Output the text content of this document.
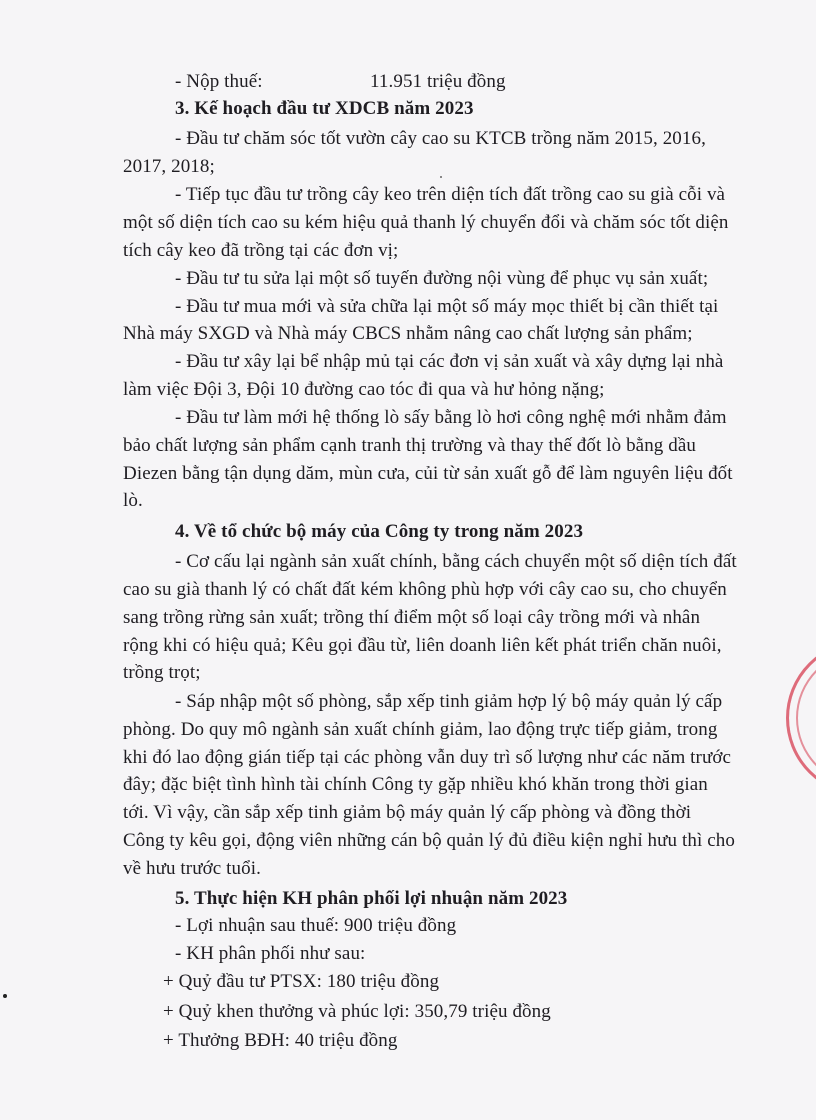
- Nộp thuế:	11.951 triệu đồng
3. Kế hoạch đầu tư XDCB năm 2023
- Đầu tư chăm sóc tốt vườn cây cao su KTCB trồng năm 2015, 2016,
2017, 2018;
- Tiếp tục đầu tư trồng cây keo trên diện tích đất trồng cao su già cỗi và
một số diện tích cao su kém hiệu quả thanh lý chuyển đổi và chăm sóc tốt diện
tích cây keo đã trồng tại các đơn vị;
- Đầu tư tu sửa lại một số tuyến đường nội vùng để phục vụ sản xuất;
- Đầu tư mua mới và sửa chữa lại một số máy mọc thiết bị cần thiết tại
Nhà máy SXGD và Nhà máy CBCS nhằm nâng cao chất lượng sản phẩm;
- Đầu tư xây lại bể nhập mủ tại các đơn vị sản xuất và xây dựng lại nhà
làm việc Đội 3, Đội 10 đường cao tóc đi qua và hư hỏng nặng;
- Đầu tư làm mới hệ thống lò sấy bằng lò hơi công nghệ mới nhằm đảm
bảo chất lượng sản phẩm cạnh tranh thị trường và thay thế đốt lò bằng dầu
Diezen bằng tận dụng dăm, mùn cưa, củi từ sản xuất gỗ để làm nguyên liệu đốt
lò.
4. Về tổ chức bộ máy của Công ty trong năm 2023
- Cơ cấu lại ngành sản xuất chính, bằng cách chuyển một số diện tích đất
cao su già thanh lý có chất đất kém không phù hợp với cây cao su, cho chuyển
sang trồng rừng sản xuất; trồng thí điểm một số loại cây trồng mới và nhân
rộng khi có hiệu quả; Kêu gọi đầu từ, liên doanh liên kết phát triển chăn nuôi,
trồng trọt;
- Sáp nhập một số phòng, sắp xếp tinh giảm hợp lý bộ máy quản lý cấp
phòng. Do quy mô ngành sản xuất chính giảm, lao động trực tiếp giảm, trong
khi đó lao động gián tiếp tại các phòng vẫn duy trì số lượng như các năm trước
đây; đặc biệt tình hình tài chính Công ty gặp nhiều khó khăn trong thời gian
tới. Vì vậy, cần sắp xếp tinh giảm bộ máy quản lý cấp phòng và đồng thời
Công ty kêu gọi, động viên những cán bộ quản lý đủ điều kiện nghỉ hưu thì cho
về hưu trước tuổi.
5. Thực hiện KH phân phối lợi nhuận năm 2023
- Lợi nhuận sau thuế: 900 triệu đồng
- KH phân phối như sau:
+ Quỷ đầu tư PTSX: 180 triệu đồng
+ Quỷ khen thưởng và phúc lợi: 350,79 triệu đồng
+ Thưởng BĐH: 40 triệu đồng
